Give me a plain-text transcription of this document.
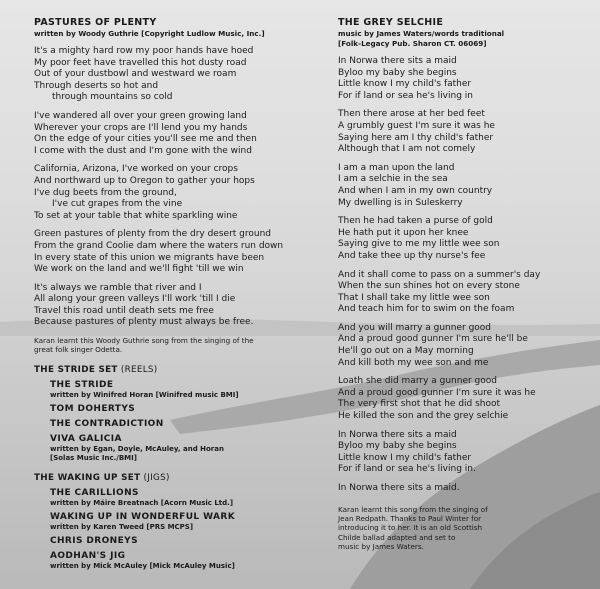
PASTURES OF PLENTY

written by Woody Guthrie [Copyright Ludlow Music, Inc.]

It's a mighty hard row my poor hands have hoed
My poor feet have travelled this hot dusty road
Out of your dustbowl and westward we roam
Through deserts so hot and
through mountains so cold
I've wandered all over your green growing land
Wherever your crops are I'll lend you my hands
On the edge of your cities you'll see me and then
I come with the dust and I'm gone with the wind
California, Arizona, I've worked on your crops
And northward up to Oregon to gather your hops
I've dug beets from the ground,
I've cut grapes from the vine
To set at your table that white sparkling wine
Green pastures of plenty from the dry desert ground
From the grand Coolie dam where the waters run down
In every state of this union we migrants have been
We work on the land and we'll fight 'till we win
It's always we ramble that river and I
All along your green valleys I'll work 'till I die
Travel this road until death sets me free
Because pastures of plenty must always be free.
Karan learnt this Woody Guthrie song from the singing of the
great folk singer Odetta.
THE STRIDE SET (REELS)
THE STRIDE
written by Winifred Horan [Winifred music BMI]
TOM DOHERTYS
THE CONTRADICTION
VIVA GALICIA
written by Egan, Doyle, McAuley, and Horan
[Solas Music Inc./BMI]
THE WAKING UP SET (JIGS)
THE CARILLIONS
written by Máire Breatnach [Acorn Music Ltd.]
WAKING UP IN WONDERFUL WARK
written by Karen Tweed [PRS MCPS]
CHRIS DRONEYS
AODHAN'S JIG
written by Mick McAuley [Mick McAuley Music]

THE GREY SELCHIE

music by James Waters/words traditional

[Folk-Legacy Pub. Sharon CT. 06069]

In Norwa there sits a maid
Byloo my baby she begins
Little know I my child's father
For if land or sea he's living in
Then there arose at her bed feet
A grumbly guest I'm sure it was he
Saying here am I thy child's father
Although that I am not comely
I am a man upon the land
I am a selchie in the sea
And when I am in my own country
My dwelling is in Suleskerry
Then he had taken a purse of gold
He hath put it upon her knee
Saying give to me my little wee son
And take thee up thy nurse's fee
And it shall come to pass on a summer's day
When the sun shines hot on every stone
That I shall take my little wee son
And teach him for to swim on the foam
And you will marry a gunner good
And a proud good gunner I'm sure he'll be
He'll go out on a May morning
And kill both my wee son and me
Loath she did marry a gunner good
And a proud good gunner I'm sure it was he
The very first shot that he did shoot
He killed the son and the grey selchie
In Norwa there sits a maid
Byloo my baby she begins
Little know I my child's father
For if land or sea he's living in.
In Norwa there sits a maid.
Karan learnt this song from the singing of
Jean Redpath. Thanks to Paul Winter for
introducing it to her. It is an old Scottish
Childe ballad adapted and set to
music by James Waters.
